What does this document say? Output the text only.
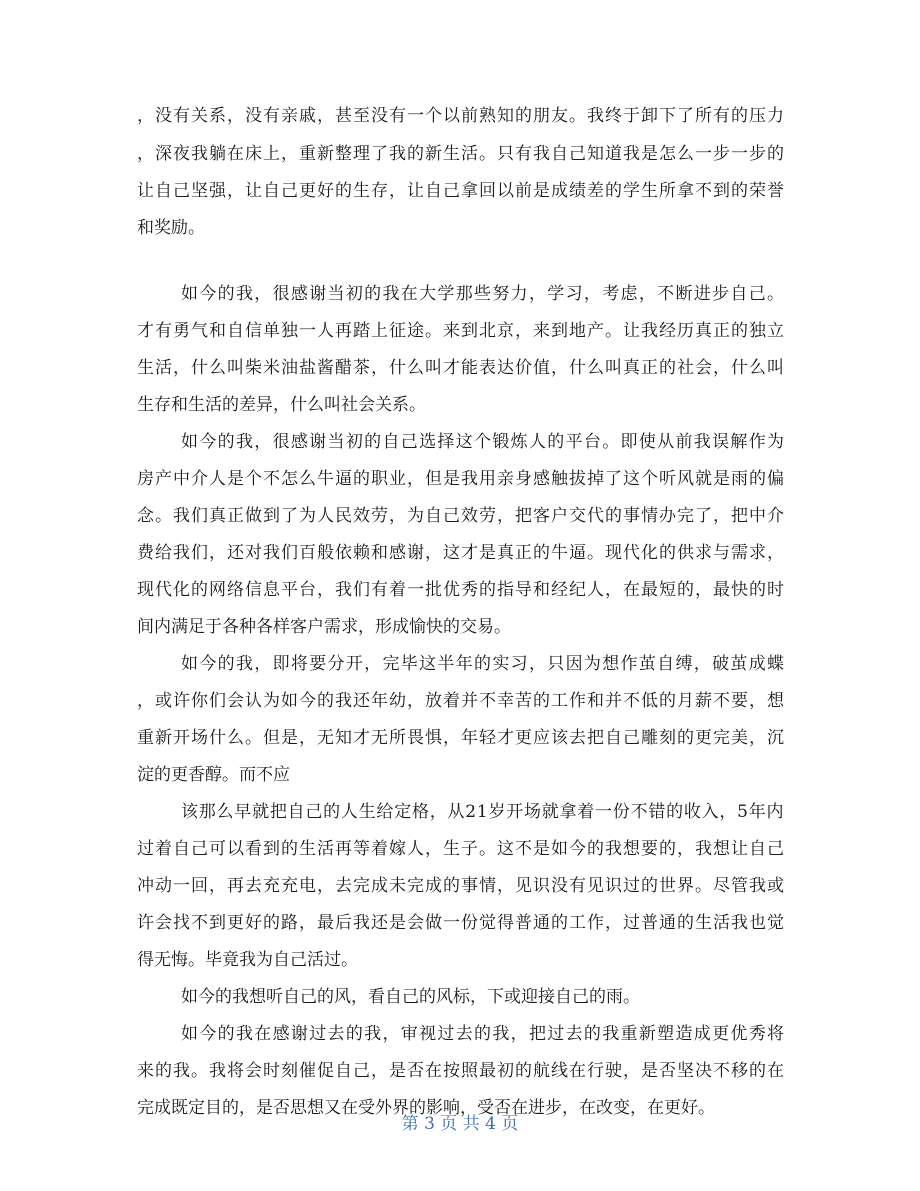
， 没 有 关 系 ， 没 有 亲 戚 ， 甚 至 没 有 一 个 以 前 熟 知 的 朋 友 。 我 终 于 卸 下 了 所 有 的 压 力
， 深 夜 我 躺 在 床 上 ， 重 新 整 理 了 我 的 新 生 活 。 只 有 我 自 己 知 道 我 是 怎 么 一 步 一 步 的
让 自 己 坚 强 ， 让 自 己 更 好 的 生 存 ， 让 自 己 拿 回 以 前 是 成 绩 差 的 学 生 所 拿 不 到 的 荣 誉
和奖励。
如 今 的 我 ， 很 感 谢 当 初 的 我 在 大 学 那 些 努 力 ， 学 习 ， 考 虑 ， 不 断 进 步 自 己 。
才 有 勇 气 和 自 信 单 独 一 人 再 踏 上 征 途 。 来 到 北 京 ， 来 到 地 产 。 让 我 经 历 真 正 的 独 立
生 活 ， 什 么 叫 柴 米 油 盐 酱 醋 茶 ， 什 么 叫 才 能 表 达 价 值 ， 什 么 叫 真 正 的 社 会 ， 什 么 叫
生存和生活的差异，什么叫社会关系。
如 今 的 我 ， 很 感 谢 当 初 的 自 己 选 择 这 个 锻 炼 人 的 平 台 。 即 使 从 前 我 误 解 作 为
房 产 中 介 人 是 个 不 怎 么 牛 逼 的 职 业 ， 但 是 我 用 亲 身 感 触 拔 掉 了 这 个 听 风 就 是 雨 的 偏
念 。 我 们 真 正 做 到 了 为 人 民 效 劳 ， 为 自 己 效 劳 ， 把 客 户 交 代 的 事 情 办 完 了 ， 把 中 介
费 给 我 们 ， 还 对 我 们 百 般 依 赖 和 感 谢 ， 这 才 是 真 正 的 牛 逼 。 现 代 化 的 供 求 与 需 求 ，
现 代 化 的 网 络 信 息 平 台 ， 我 们 有 着 一 批 优 秀 的 指 导 和 经 纪 人 ， 在 最 短 的 ， 最 快 的 时
间内满足于各种各样客户需求，形成愉快的交易。
如 今 的 我 ， 即 将 要 分 开 ， 完 毕 这 半 年 的 实 习 ， 只 因 为 想 作 茧 自 缚 ， 破 茧 成 蝶
， 或 许 你 们 会 认 为 如 今 的 我 还 年 幼 ， 放 着 并 不 幸 苦 的 工 作 和 并 不 低 的 月 薪 不 要 ， 想
重 新 开 场 什 么 。 但 是 ， 无 知 才 无 所 畏 惧 ， 年 轻 才 更 应 该 去 把 自 己 雕 刻 的 更 完 美 ， 沉
淀的更香醇。而不应
该 那 么 早 就 把 自 己 的 人 生 给 定 格 ， 从 2 1 岁 开 场 就 拿 着 一 份 不 错 的 收 入 ， 5 年 内
过 着 自 己 可 以 看 到 的 生 活 再 等 着 嫁 人 ， 生 子 。 这 不 是 如 今 的 我 想 要 的 ， 我 想 让 自 己
冲 动 一 回 ， 再 去 充 充 电 ， 去 完 成 未 完 成 的 事 情 ， 见 识 没 有 见 识 过 的 世 界 。 尽 管 我 或
许 会 找 不 到 更 好 的 路 ， 最 后 我 还 是 会 做 一 份 觉 得 普 通 的 工 作 ， 过 普 通 的 生 活 我 也 觉
得无悔。毕竟我为自己活过。
如今的我想听自己的风，看自己的风标，下或迎接自己的雨。
如 今 的 我 在 感 谢 过 去 的 我 ， 审 视 过 去 的 我 ， 把 过 去 的 我 重 新 塑 造 成 更 优 秀 将
来 的 我 。 我 将 会 时 刻 催 促 自 己 ， 是 否 在 按 照 最 初 的 航 线 在 行 驶 ， 是 否 坚 决 不 移 的 在
完成既定目的，是否思想又在受外界的影响，受否在进步，在改变，在更好。
第 3 页 共 4 页
